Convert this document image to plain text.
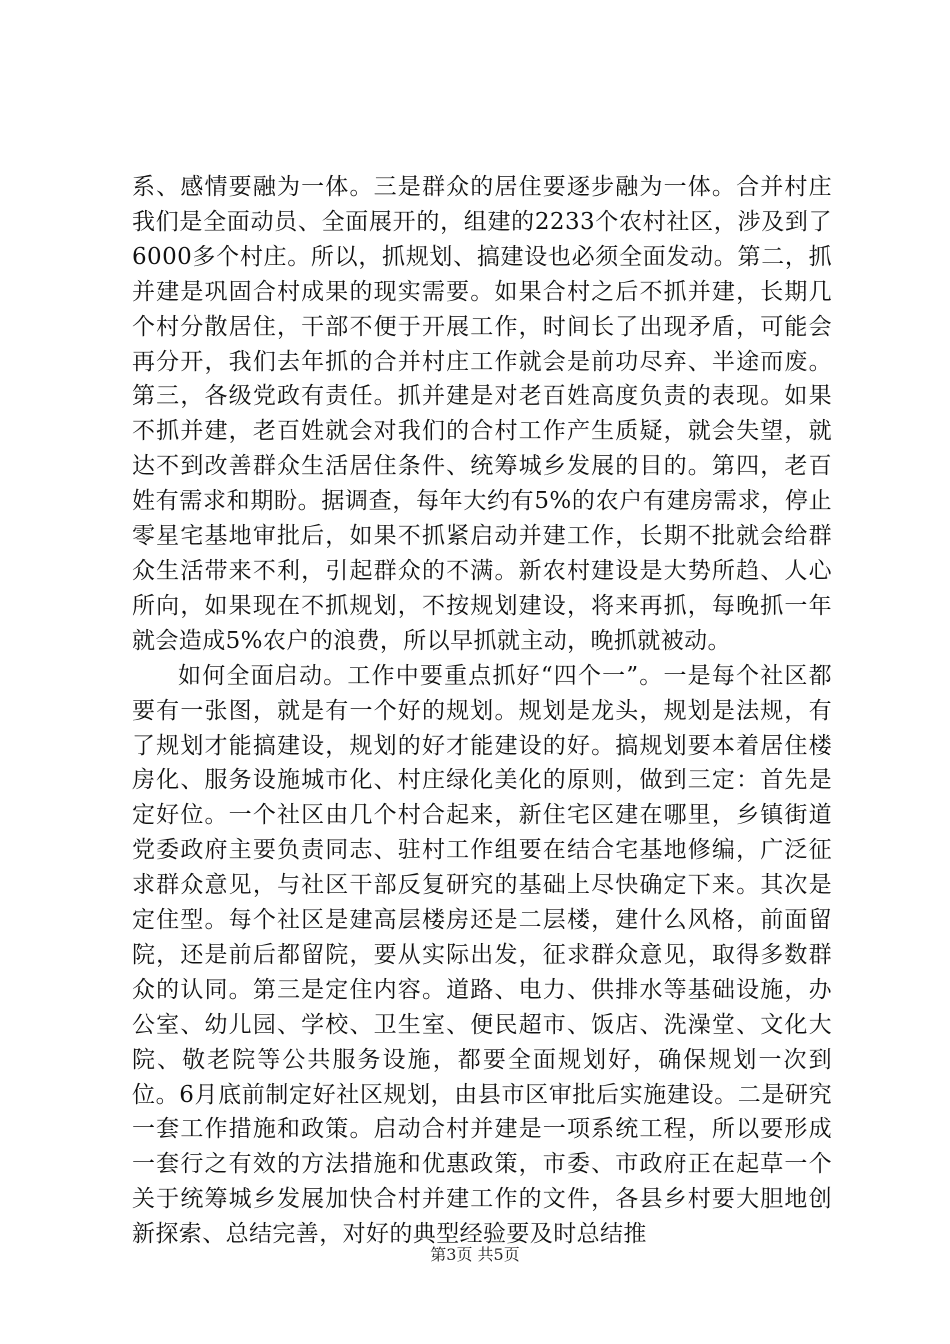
系、感情要融为一体。三是群众的居住要逐步融为一体。合并村庄我们是全面动员、全面展开的，组建的2233个农村社区，涉及到了6000多个村庄。所以，抓规划、搞建设也必须全面发动。第二，抓并建是巩固合村成果的现实需要。如果合村之后不抓并建，长期几个村分散居住，干部不便于开展工作，时间长了出现矛盾，可能会再分开，我们去年抓的合并村庄工作就会是前功尽弃、半途而废。第三，各级党政有责任。抓并建是对老百姓高度负责的表现。如果不抓并建，老百姓就会对我们的合村工作产生质疑，就会失望，就达不到改善群众生活居住条件、统筹城乡发展的目的。第四，老百姓有需求和期盼。据调查，每年大约有5%的农户有建房需求，停止零星宅基地审批后，如果不抓紧启动并建工作，长期不批就会给群众生活带来不利，引起群众的不满。新农村建设是大势所趋、人心所向，如果现在不抓规划，不按规划建设，将来再抓，每晚抓一年就会造成5%农户的浪费，所以早抓就主动，晚抓就被动。

如何全面启动。工作中要重点抓好“四个一”。一是每个社区都要有一张图，就是有一个好的规划。规划是龙头，规划是法规，有了规划才能搞建设，规划的好才能建设的好。搞规划要本着居住楼房化、服务设施城市化、村庄绿化美化的原则，做到三定：首先是定好位。一个社区由几个村合起来，新住宅区建在哪里，乡镇街道党委政府主要负责同志、驻村工作组要在结合宅基地修编，广泛征求群众意见，与社区干部反复研究的基础上尽快确定下来。其次是定住型。每个社区是建高层楼房还是二层楼，建什么风格，前面留院，还是前后都留院，要从实际出发，征求群众意见，取得多数群众的认同。第三是定住内容。道路、电力、供排水等基础设施，办公室、幼儿园、学校、卫生室、便民超市、饭店、洗澡堂、文化大院、敬老院等公共服务设施，都要全面规划好，确保规划一次到位。6月底前制定好社区规划，由县市区审批后实施建设。二是研究一套工作措施和政策。启动合村并建是一项系统工程，所以要形成一套行之有效的方法措施和优惠政策，市委、市政府正在起草一个关于统筹城乡发展加快合村并建工作的文件，各县乡村要大胆地创新探索、总结完善，对好的典型经验要及时总结推

第3页 共5页
